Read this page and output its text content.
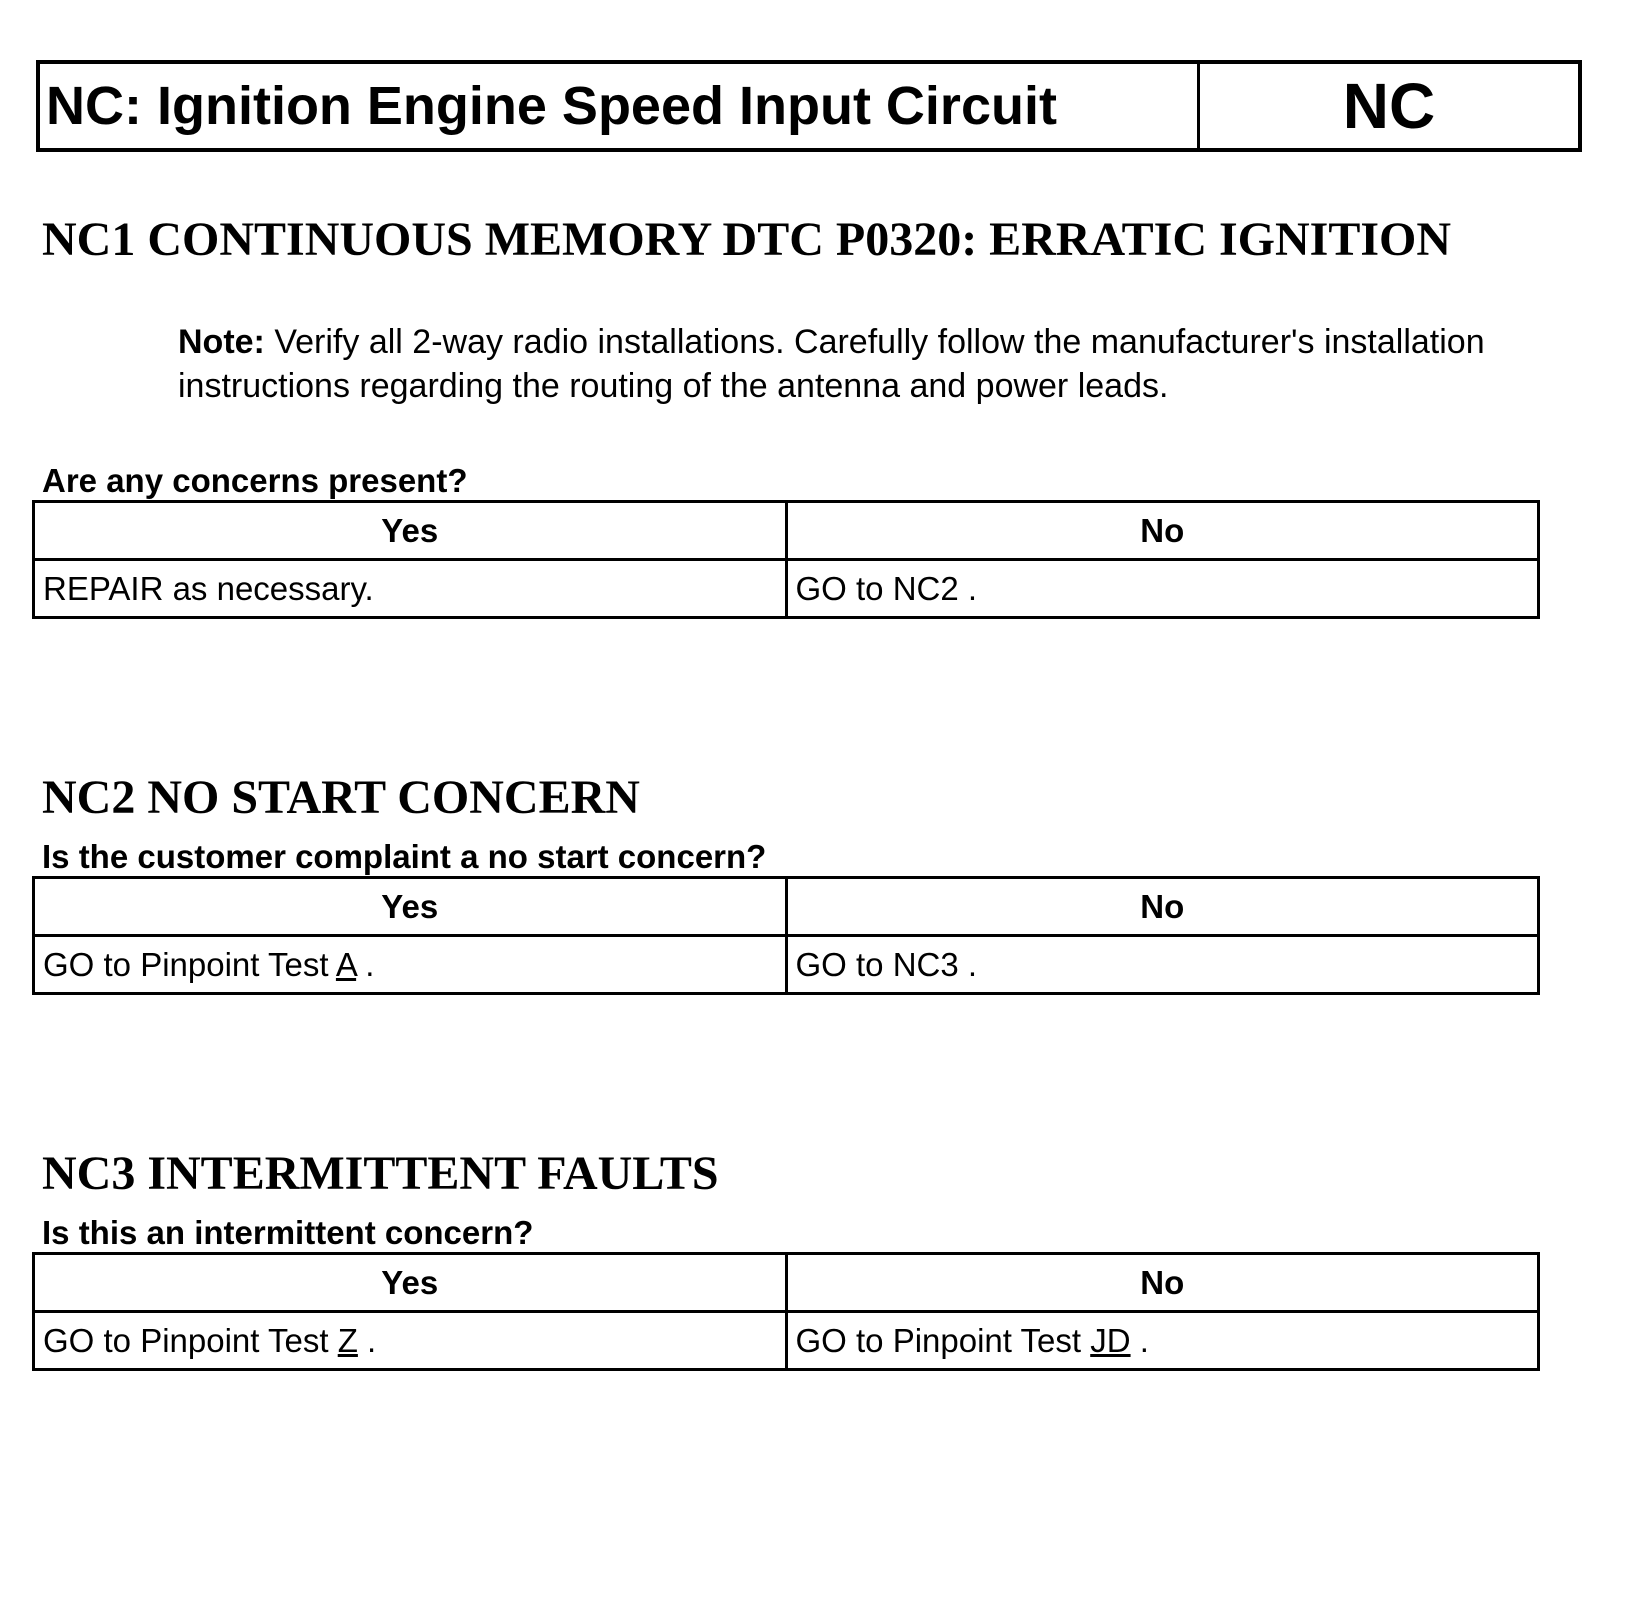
NC: Ignition Engine Speed Input Circuit	NC
NC1 CONTINUOUS MEMORY DTC P0320: ERRATIC IGNITION
Note: Verify all 2-way radio installations. Carefully follow the manufacturer's installation instructions regarding the routing of the antenna and power leads.
Are any concerns present?
Yes	No
REPAIR as necessary.	GO to NC2 .
NC2 NO START CONCERN
Is the customer complaint a no start concern?
Yes	No
GO to Pinpoint Test A .	GO to NC3 .
NC3 INTERMITTENT FAULTS
Is this an intermittent concern?
Yes	No
GO to Pinpoint Test Z .	GO to Pinpoint Test JD .
